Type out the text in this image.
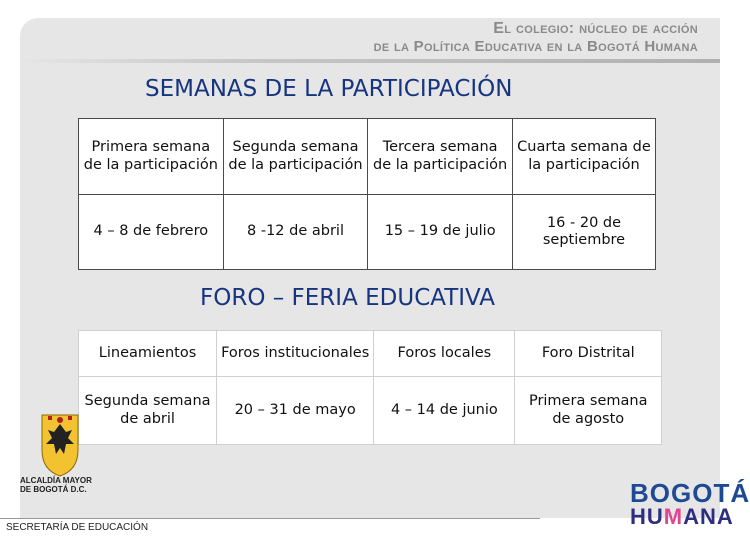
El colegio: núcleo de acción
de la Política Educativa en la Bogotá Humana
SEMANAS DE LA PARTICIPACIÓN
Primera semana de la participación	Segunda semana de la participación	Tercera semana de la participación	Cuarta semana de la participación
4 – 8 de febrero	8 -12 de abril	15 – 19 de julio	16 - 20 de septiembre
FORO – FERIA EDUCATIVA
Lineamientos	Foros institucionales	Foros locales	Foro Distrital
Segunda semana de abril	20 – 31 de mayo	4 – 14 de junio	Primera semana de agosto
ALCALDÍA MAYOR
DE BOGOTÁ D.C.
SECRETARÍA DE EDUCACIÓN
BOGOTÁ
HUMANA
